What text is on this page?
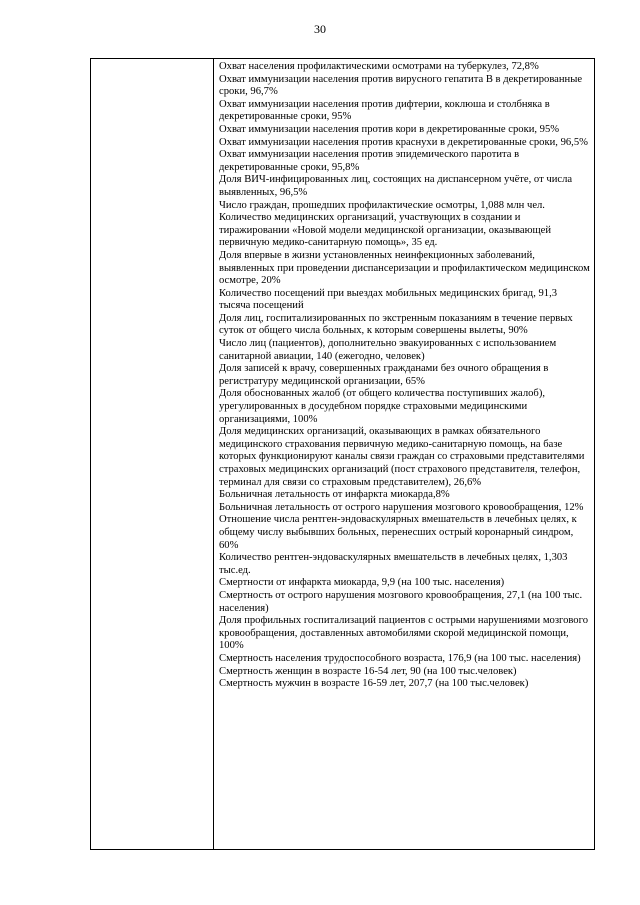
30

Охват населения профилактическими осмотрами на туберкулез, 72,8%

Охват иммунизации населения против вирусного гепатита B в декретированные сроки, 96,7%

Охват иммунизации населения против дифтерии, коклюша и столбняка в декретированные сроки, 95%

Охват иммунизации населения против кори в декретированные сроки, 95%

Охват иммунизации населения против краснухи в декретированные сроки, 96,5%

Охват иммунизации населения против эпидемического паротита в декретированные сроки, 95,8%

Доля ВИЧ-инфицированных лиц, состоящих на диспансерном учёте, от числа выявленных, 96,5%

Число граждан, прошедших профилактические осмотры, 1,088 млн чел.

Количество медицинских организаций, участвующих в создании и тиражировании «Новой модели медицинской организации, оказывающей первичную медико-санитарную помощь», 35 ед.

Доля впервые в жизни установленных неинфекционных заболеваний, выявленных при проведении диспансеризации и профилактическом медицинском осмотре, 20%

Количество посещений при выездах мобильных медицинских бригад, 91,3 тысяча посещений

Доля лиц, госпитализированных по экстренным показаниям в течение первых суток от общего числа больных, к которым совершены вылеты, 90%

Число лиц (пациентов), дополнительно эвакуированных с использованием санитарной авиации, 140 (ежегодно, человек)

Доля записей к врачу, совершенных гражданами без очного обращения в регистратуру медицинской организации, 65%

Доля обоснованных жалоб (от общего количества поступивших жалоб), урегулированных в досудебном порядке страховыми медицинскими организациями, 100%

Доля медицинских организаций, оказывающих в рамках обязательного медицинского страхования первичную медико-санитарную помощь, на базе которых функционируют каналы связи граждан со страховыми представителями страховых медицинских организаций (пост страхового представителя, телефон, терминал для связи со страховым представителем), 26,6%

Больничная летальность от инфаркта миокарда,8%

Больничная летальность от острого нарушения мозгового кровообращения, 12%

Отношение числа рентген-эндоваскулярных вмешательств в лечебных целях, к общему числу выбывших больных, перенесших острый коронарный синдром, 60%

Количество рентген-эндоваскулярных вмешательств в лечебных целях, 1,303 тыс.ед.

Смертности от инфаркта миокарда, 9,9 (на 100 тыс. населения)

Смертность от острого нарушения мозгового кровообращения, 27,1 (на 100 тыс. населения)

Доля профильных госпитализаций пациентов с острыми нарушениями мозгового кровообращения, доставленных автомобилями скорой медицинской помощи, 100%

Смертность населения трудоспособного возраста, 176,9 (на 100 тыс. населения)

Смертность женщин в возрасте 16-54 лет, 90 (на 100 тыс.человек)

Смертность мужчин в возрасте 16-59 лет, 207,7 (на 100 тыс.человек)
